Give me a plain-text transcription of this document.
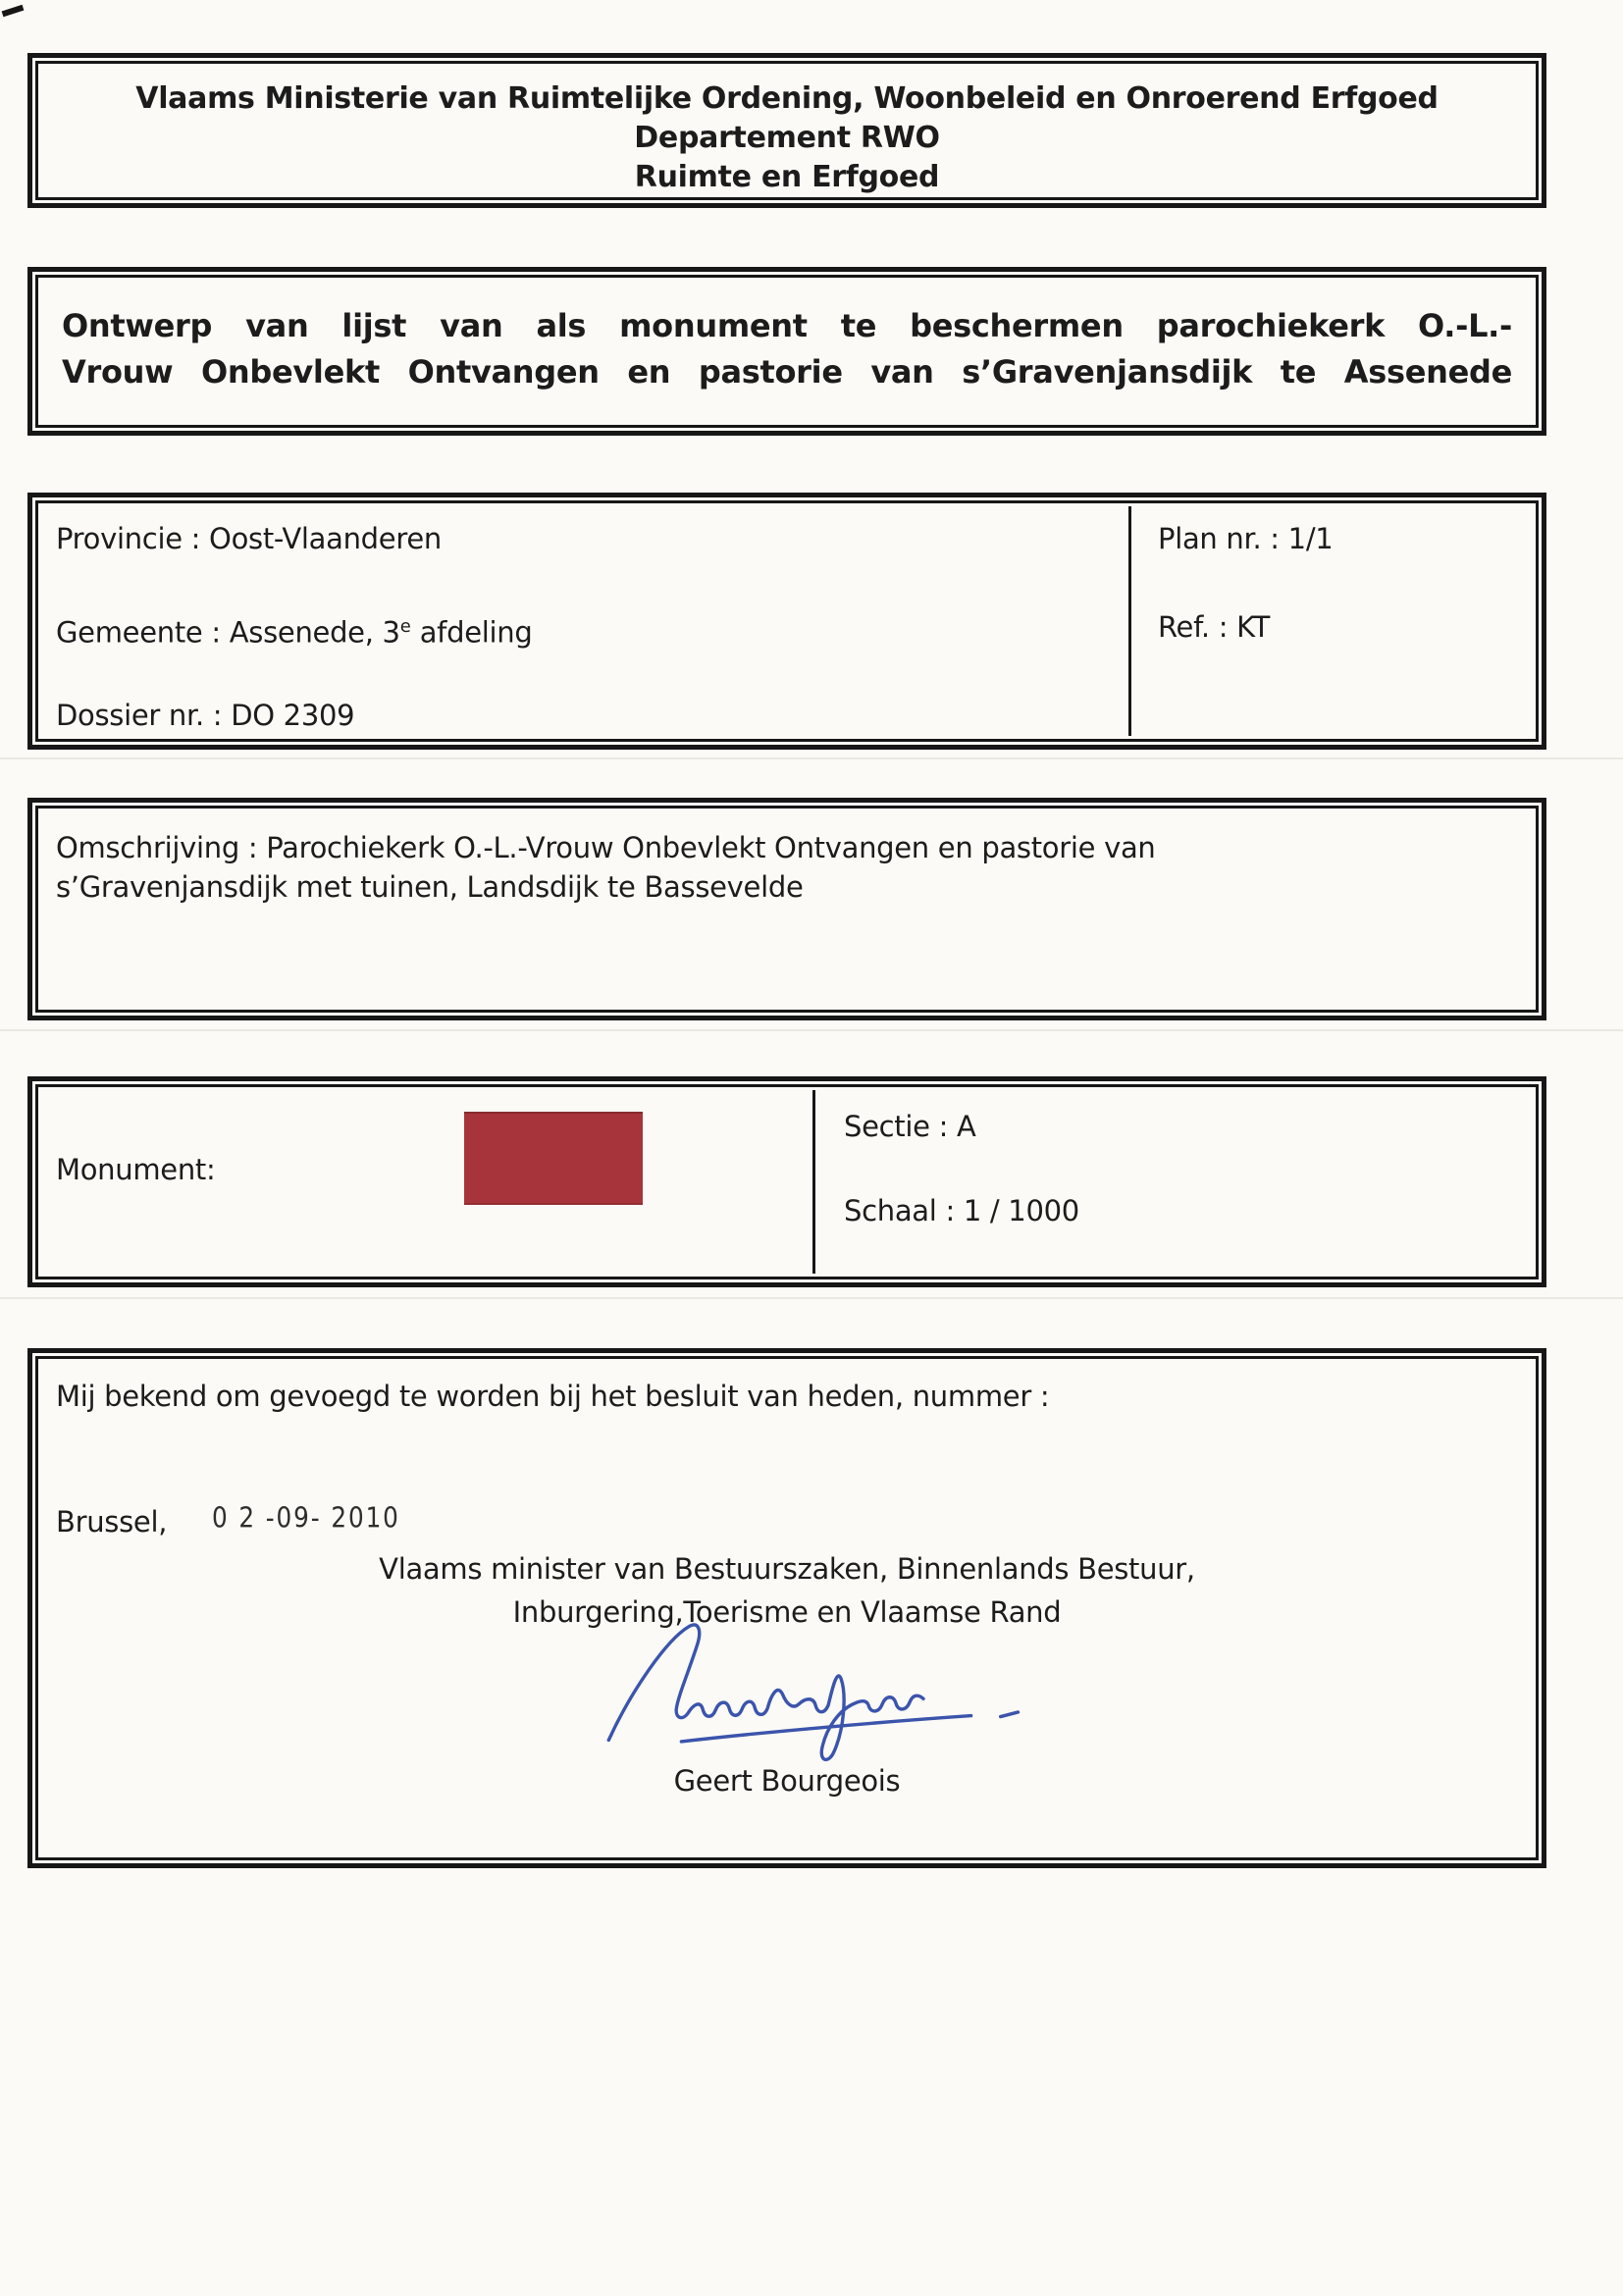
Vlaams Ministerie van Ruimtelijke Ordening, Woonbeleid en Onroerend Erfgoed
Departement RWO
Ruimte en Erfgoed
Ontwerp van lijst van als monument te beschermen parochiekerk O.-L.-
Vrouw Onbevlekt Ontvangen en pastorie van s’Gravenjansdijk te Assenede
Provincie : Oost-Vlaanderen
Gemeente : Assenede, 3e afdeling
Dossier nr. : DO 2309
Plan nr. : 1/1
Ref. : KT
Omschrijving : Parochiekerk O.-L.-Vrouw Onbevlekt Ontvangen en pastorie van
s’Gravenjansdijk met tuinen, Landsdijk te Bassevelde
Monument:
Sectie : A
Schaal : 1 / 1000
Mij bekend om gevoegd te worden bij het besluit van heden, nummer :
Brussel, 0 2 -09- 2010
Vlaams minister van Bestuurszaken, Binnenlands Bestuur,
Inburgering,Toerisme en Vlaamse Rand
Geert Bourgeois
